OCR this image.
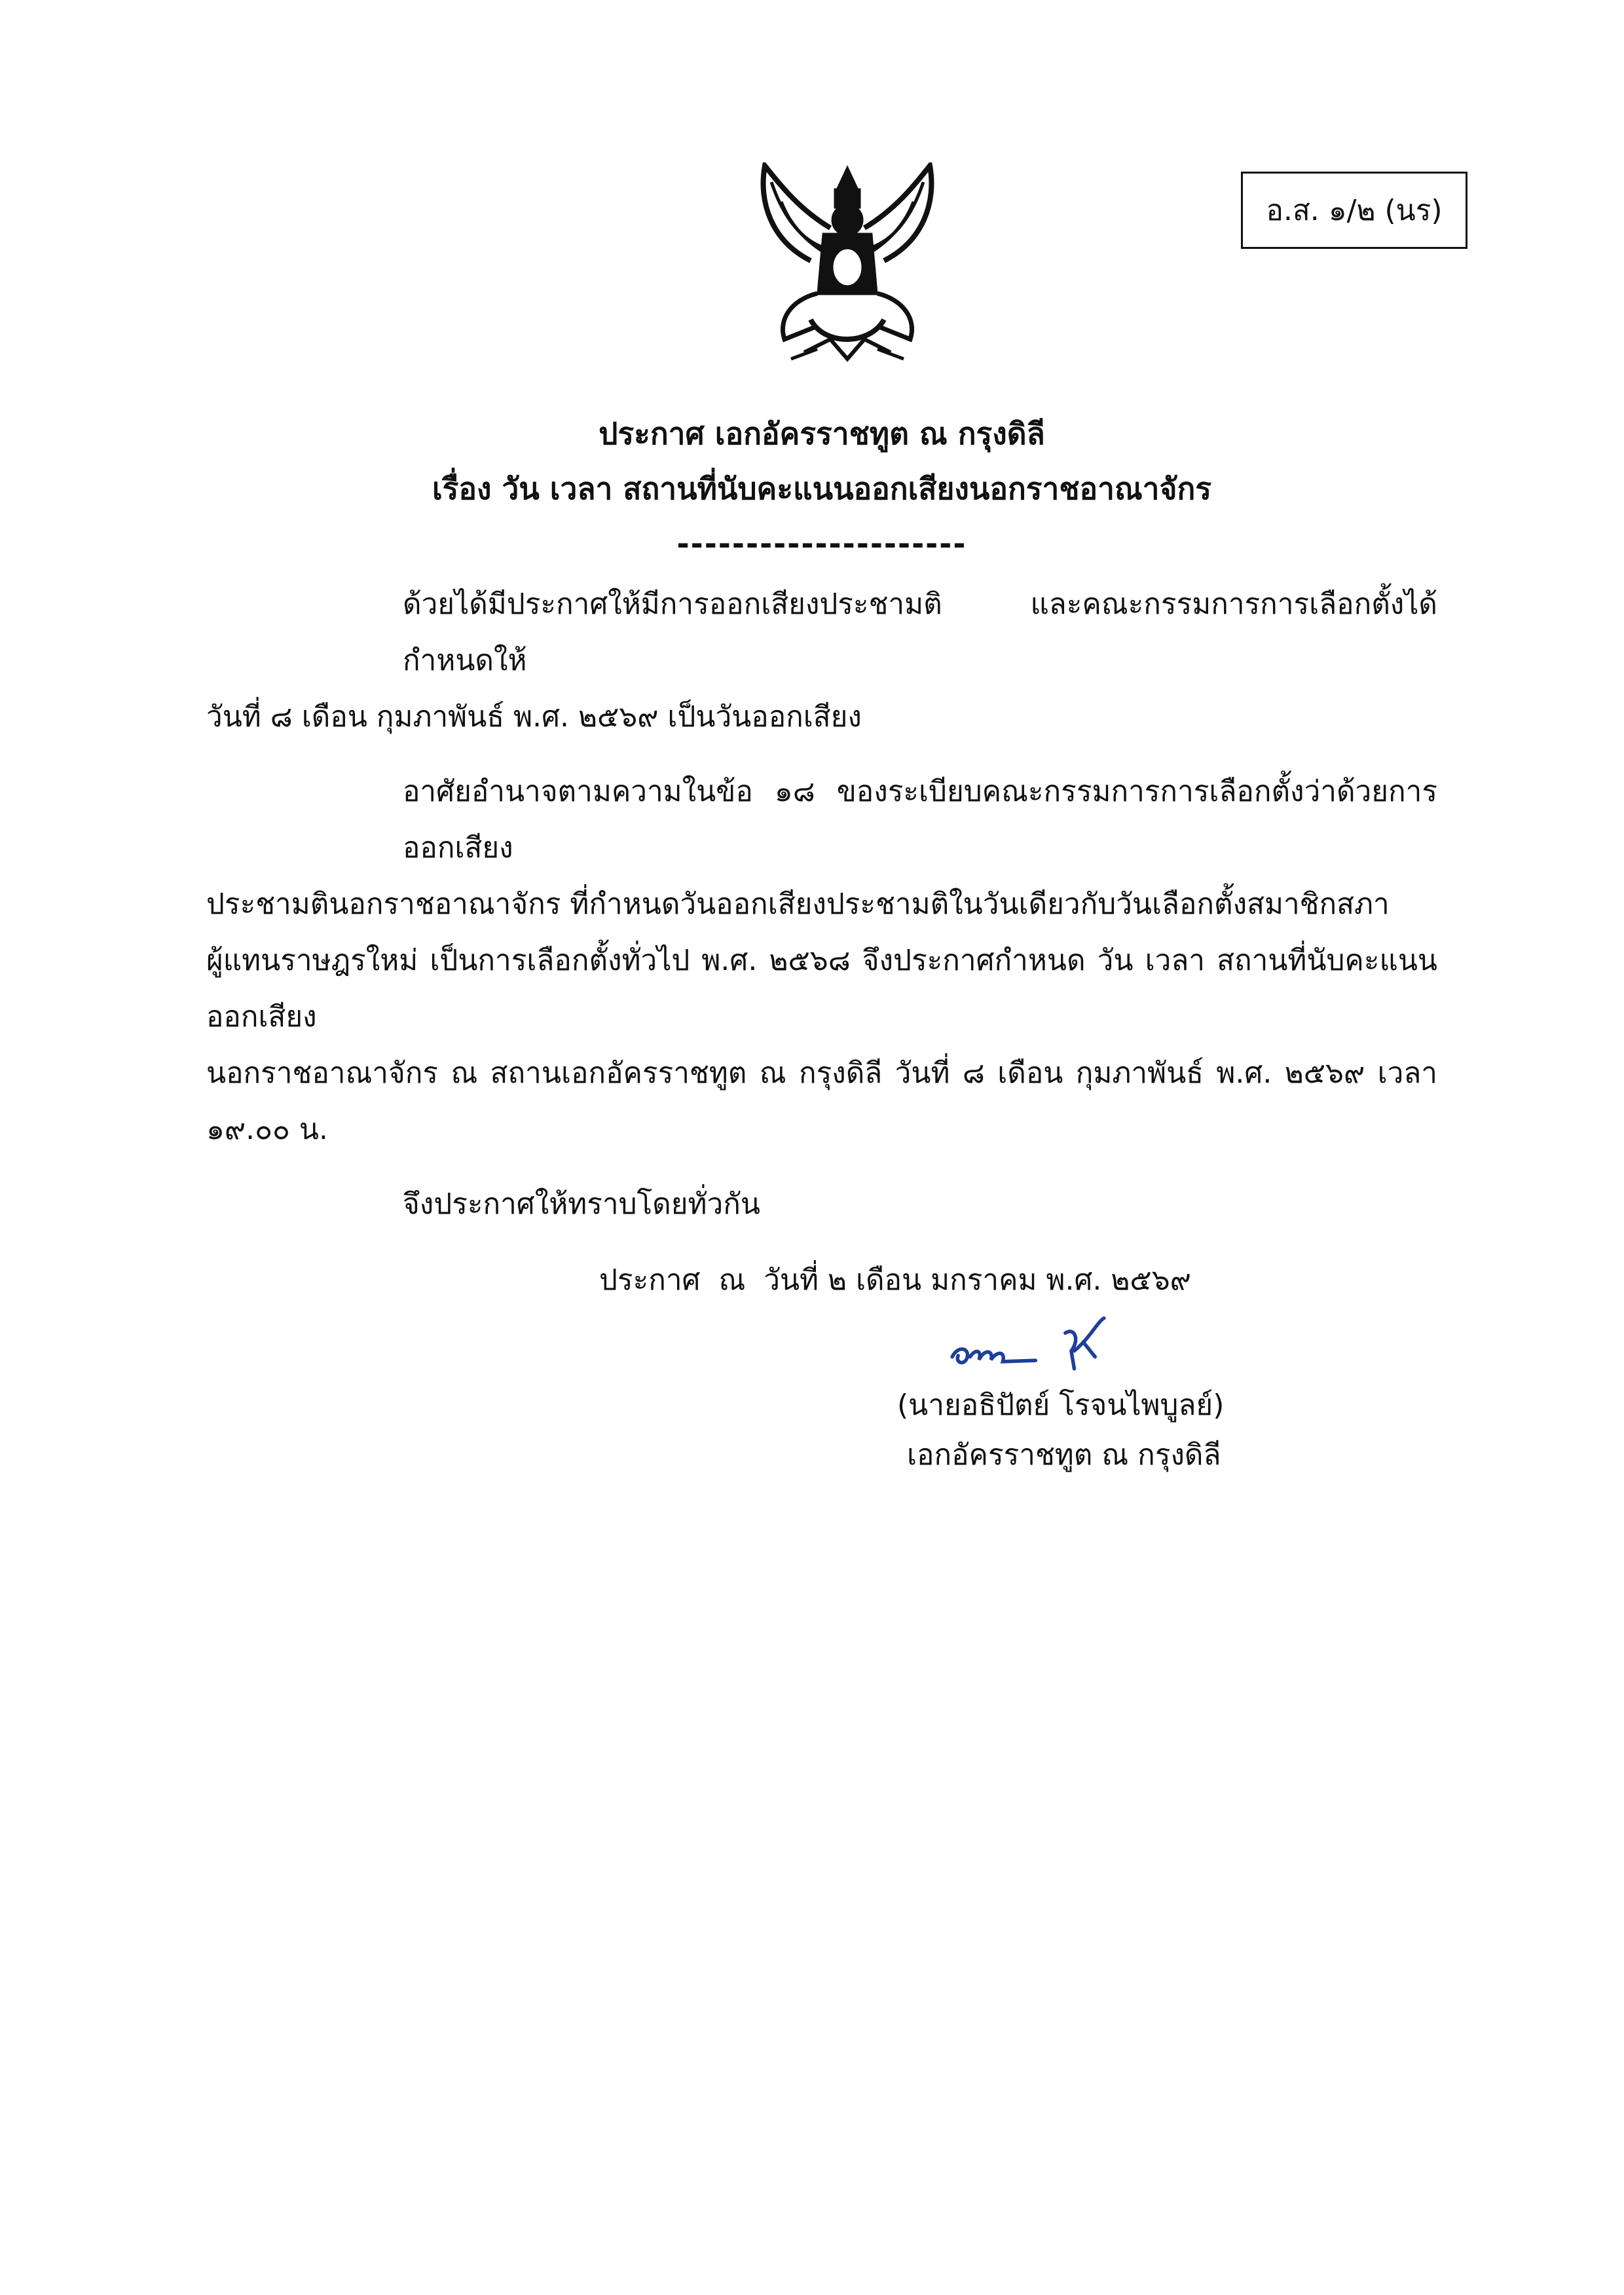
อ.ส. ๑/๒ (นร)
ประกาศ เอกอัครราชทูต ณ กรุงดิลี
เรื่อง วัน เวลา สถานที่นับคะแนนออกเสียงนอกราชอาณาจักร
---------------------
ด้วยได้มีประกาศให้มีการออกเสียงประชามติ และคณะกรรมการการเลือกตั้งได้กำหนดให้
วันที่ ๘ เดือน กุมภาพันธ์ พ.ศ. ๒๕๖๙ เป็นวันออกเสียง
อาศัยอำนาจตามความในข้อ ๑๘ ของระเบียบคณะกรรมการการเลือกตั้งว่าด้วยการออกเสียง
ประชามตินอกราชอาณาจักร ที่กำหนดวันออกเสียงประชามติในวันเดียวกับวันเลือกตั้งสมาชิกสภา
ผู้แทนราษฎรใหม่ เป็นการเลือกตั้งทั่วไป พ.ศ. ๒๕๖๘ จึงประกาศกำหนด วัน เวลา สถานที่นับคะแนนออกเสียง
นอกราชอาณาจักร ณ สถานเอกอัครราชทูต ณ กรุงดิลี วันที่ ๘ เดือน กุมภาพันธ์ พ.ศ. ๒๕๖๙ เวลา ๑๙.๐๐ น.
จึงประกาศให้ทราบโดยทั่วกัน
ประกาศ  ณ  วันที่ ๒ เดือน มกราคม พ.ศ. ๒๕๖๙
(นายอธิปัตย์ โรจนไพบูลย์)
เอกอัครราชทูต ณ กรุงดิลี
